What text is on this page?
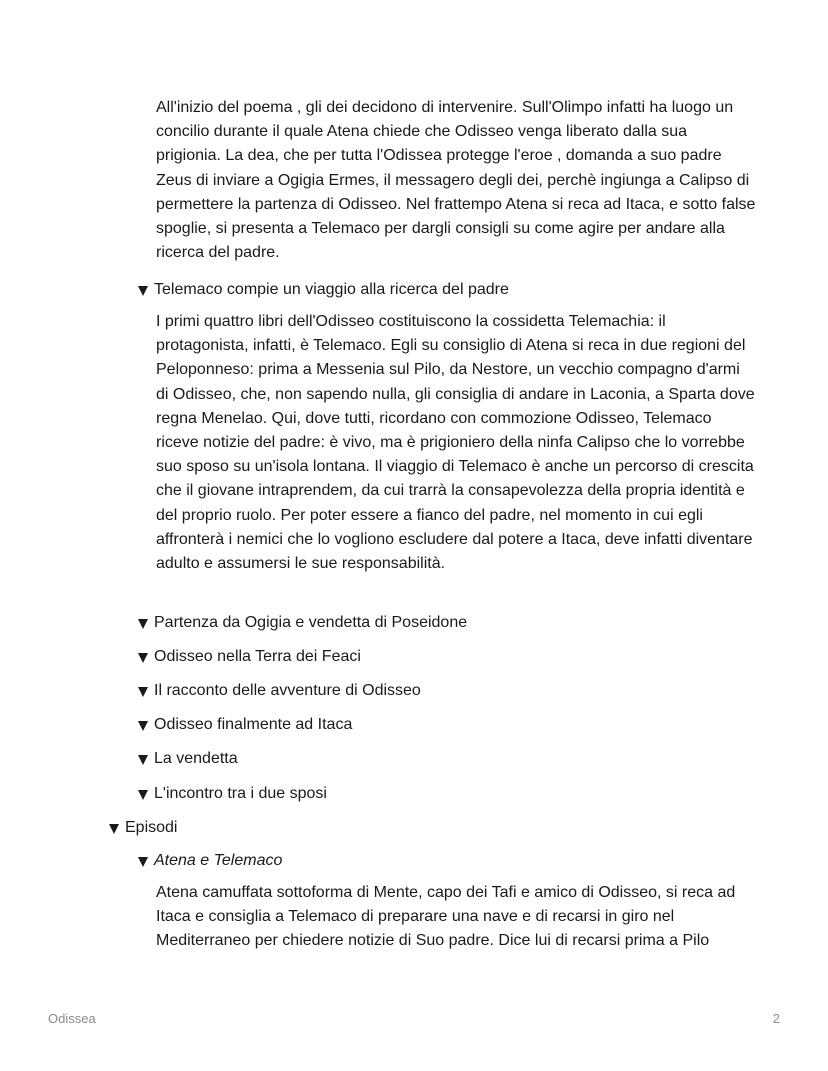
All'inizio del poema , gli dei decidono di intervenire. Sull'Olimpo infatti ha luogo un concilio durante il quale Atena chiede che Odisseo venga liberato dalla sua prigionia. La dea, che per tutta l'Odissea protegge l'eroe , domanda a suo padre Zeus di inviare a Ogigia Ermes, il messagero degli dei, perchè ingiunga a Calipso di permettere la partenza di Odisseo. Nel frattempo Atena si reca ad Itaca, e sotto false spoglie, si presenta a Telemaco per dargli consigli su come agire per andare alla ricerca del padre.

Telemaco compie un viaggio alla ricerca del padre

I primi quattro libri dell'Odisseo costituiscono la cossidetta Telemachia: il protagonista, infatti, è Telemaco. Egli su consiglio di Atena si reca in due regioni del Peloponneso: prima a Messenia sul Pilo, da Nestore, un vecchio compagno d'armi di Odisseo, che, non sapendo nulla, gli consiglia di andare in Laconia, a Sparta dove regna Menelao. Qui, dove tutti, ricordano con commozione Odisseo, Telemaco riceve notizie del padre: è vivo, ma è prigioniero della ninfa Calipso che lo vorrebbe suo sposo su un'isola lontana. Il viaggio di Telemaco è anche un percorso di crescita che il giovane intraprendem, da cui trarrà la consapevolezza della propria identità e del proprio ruolo. Per poter essere a fianco del padre, nel momento in cui egli affronterà i nemici che lo vogliono escludere dal potere a Itaca, deve infatti diventare adulto e assumersi le sue responsabilità.

Partenza da Ogigia e vendetta di Poseidone
Odisseo nella Terra dei Feaci
Il racconto delle avventure di Odisseo
Odisseo finalmente ad Itaca
La vendetta
L'incontro tra i due sposi
Episodi
Atena e Telemaco

Atena camuffata sottoforma di Mente, capo dei Tafi e amico di Odisseo, si reca ad Itaca e consiglia a Telemaco di preparare una nave e di recarsi in giro nel Mediterraneo per chiedere notizie di Suo padre. Dice lui di recarsi prima a Pilo

Odissea	2
